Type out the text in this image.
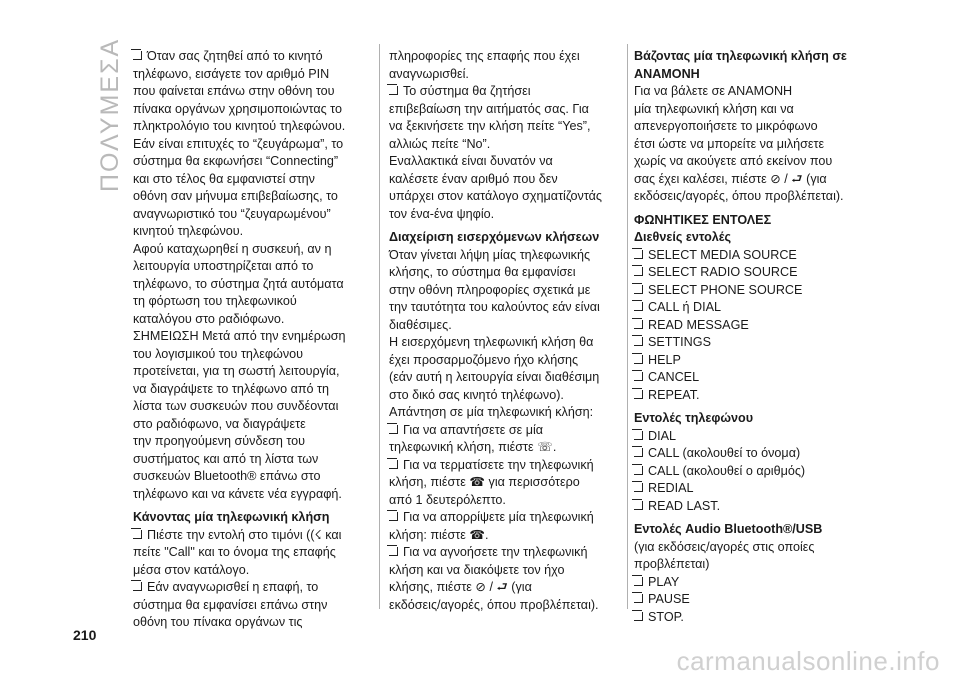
ΠΟΛΥΜΕΣΑ	Όταν σας ζητηθεί από το κινητό
τηλέφωνο, εισάγετε τον αριθμό PIN
που φαίνεται επάνω στην οθόνη του
πίνακα οργάνων χρησιμοποιώντας το
πληκτρολόγιο του κινητού τηλεφώνου.
Εάν είναι επιτυχές το “ζευγάρωμα”, το
σύστημα θα εκφωνήσει “Connecting”
και στο τέλος θα εμφανιστεί στην
οθόνη σαν μήνυμα επιβεβαίωσης, το
αναγνωριστικό του “ζευγαρωμένου”
κινητού τηλεφώνου.
Αφού καταχωρηθεί η συσκευή, αν η
λειτουργία υποστηρίζεται από το
τηλέφωνο, το σύστημα ζητά αυτόματα
τη φόρτωση του τηλεφωνικού
καταλόγου στο ραδιόφωνο.
ΣΗΜΕΙΩΣΗ Μετά από την ενημέρωση
του λογισμικού του τηλεφώνου
προτείνεται, για τη σωστή λειτουργία,
να διαγράψετε το τηλέφωνο από τη
λίστα των συσκευών που συνδέονται
στο ραδιόφωνο, να διαγράψετε
την προηγούμενη σύνδεση του
συστήματος και από τη λίστα των
συσκευών Bluetooth® επάνω στο
τηλέφωνο και να κάνετε νέα εγγραφή.
Κάνοντας μία τηλεφωνική κλήση
Πιέστε την εντολή στο τιμόνι ((☇ και
πείτε "Call" και το όνομα της επαφής
μέσα στον κατάλογο.
Εάν αναγνωρισθεί η επαφή, το
σύστημα θα εμφανίσει επάνω στην
οθόνη του πίνακα οργάνων τις
πληροφορίες της επαφής που έχει
αναγνωρισθεί.
Το σύστημα θα ζητήσει
επιβεβαίωση την αιτήματός σας. Για
να ξεκινήσετε την κλήση πείτε “Yes”,
αλλιώς πείτε “No”.
Εναλλακτικά είναι δυνατόν να
καλέσετε έναν αριθμό που δεν
υπάρχει στον κατάλογο σχηματίζοντάς
τον ένα-ένα ψηφίο.
Διαχείριση εισερχόμενων κλήσεων
Όταν γίνεται λήψη μίας τηλεφωνικής
κλήσης, το σύστημα θα εμφανίσει
στην οθόνη πληροφορίες σχετικά με
την ταυτότητα του καλούντος εάν είναι
διαθέσιμες.
Η εισερχόμενη τηλεφωνική κλήση θα
έχει προσαρμοζόμενο ήχο κλήσης
(εάν αυτή η λειτουργία είναι διαθέσιμη
στο δικό σας κινητό τηλέφωνο).
Απάντηση σε μία τηλεφωνική κλήση:
Για να απαντήσετε σε μία
τηλεφωνική κλήση, πιέστε ☏.
Για να τερματίσετε την τηλεφωνική
κλήση, πιέστε ☎ για περισσότερο
από 1 δευτερόλεπτο.
Για να απορρίψετε μία τηλεφωνική
κλήση: πιέστε ☎.
Για να αγνοήσετε την τηλεφωνική
κλήση και να διακόψετε τον ήχο
κλήσης, πιέστε ⊘ / ⮐ (για
εκδόσεις/αγορές, όπου προβλέπεται).
Βάζοντας μία τηλεφωνική κλήση σε
ΑΝΑΜΟΝΗ
Για να βάλετε σε ΑΝΑΜΟΝΗ
μία τηλεφωνική κλήση και να
απενεργοποιήσετε το μικρόφωνο
έτσι ώστε να μπορείτε να μιλήσετε
χωρίς να ακούγετε από εκείνον που
σας έχει καλέσει, πιέστε ⊘ / ⮐ (για
εκδόσεις/αγορές, όπου προβλέπεται).
ΦΩΝΗΤΙΚΕΣ ΕΝΤΟΛΕΣ
Διεθνείς εντολές
SELECT MEDIA SOURCE
SELECT RADIO SOURCE
SELECT PHONE SOURCE
CALL ή DIAL
READ MESSAGE
SETTINGS
HELP
CANCEL
REPEAT.
Εντολές τηλεφώνου
DIAL
CALL (ακολουθεί το όνομα)
CALL (ακολουθεί ο αριθμός)
REDIAL
READ LAST.
Εντολές Audio Bluetooth®/USB
(για εκδόσεις/αγορές στις οποίες
προβλέπεται)
PLAY
PAUSE
STOP.
210
carmanualsonline.info
